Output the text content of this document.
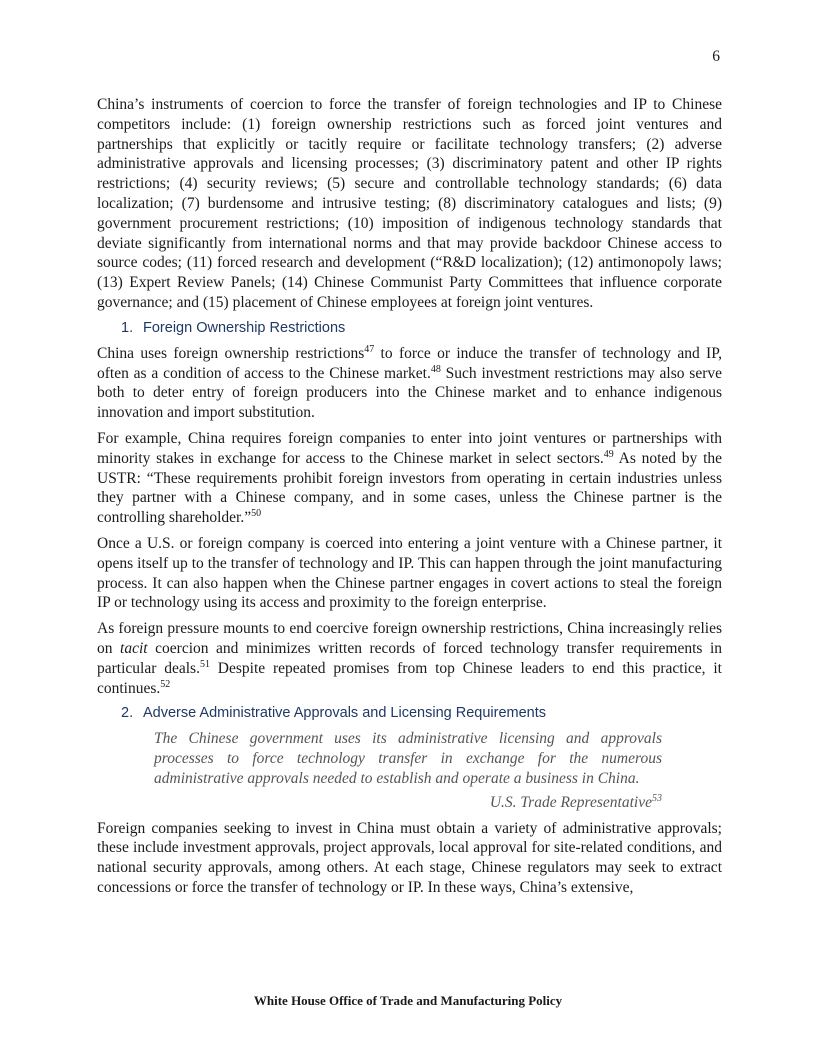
6

China’s instruments of coercion to force the transfer of foreign technologies and IP to Chinese competitors include: (1) foreign ownership restrictions such as forced joint ventures and partnerships that explicitly or tacitly require or facilitate technology transfers; (2) adverse administrative approvals and licensing processes; (3) discriminatory patent and other IP rights restrictions; (4) security reviews; (5) secure and controllable technology standards; (6) data localization; (7) burdensome and intrusive testing; (8) discriminatory catalogues and lists; (9) government procurement restrictions; (10) imposition of indigenous technology standards that deviate significantly from international norms and that may provide backdoor Chinese access to source codes; (11) forced research and development (“R&D localization); (12) antimonopoly laws; (13) Expert Review Panels; (14) Chinese Communist Party Committees that influence corporate governance; and (15) placement of Chinese employees at foreign joint ventures.

1. Foreign Ownership Restrictions

China uses foreign ownership restrictions$^{47}$ to force or induce the transfer of technology and IP, often as a condition of access to the Chinese market.$^{48}$ Such investment restrictions may also serve both to deter entry of foreign producers into the Chinese market and to enhance indigenous innovation and import substitution.

For example, China requires foreign companies to enter into joint ventures or partnerships with minority stakes in exchange for access to the Chinese market in select sectors.$^{49}$ As noted by the USTR: “These requirements prohibit foreign investors from operating in certain industries unless they partner with a Chinese company, and in some cases, unless the Chinese partner is the controlling shareholder.”$^{50}$

Once a U.S. or foreign company is coerced into entering a joint venture with a Chinese partner, it opens itself up to the transfer of technology and IP. This can happen through the joint manufacturing process. It can also happen when the Chinese partner engages in covert actions to steal the foreign IP or technology using its access and proximity to the foreign enterprise.

As foreign pressure mounts to end coercive foreign ownership restrictions, China increasingly relies on tacit coercion and minimizes written records of forced technology transfer requirements in particular deals.$^{51}$ Despite repeated promises from top Chinese leaders to end this practice, it continues.$^{52}$

2. Adverse Administrative Approvals and Licensing Requirements
The Chinese government uses its administrative licensing and approvals processes to force technology transfer in exchange for the numerous administrative approvals needed to establish and operate a business in China.
U.S. Trade Representative$^{53}$

Foreign companies seeking to invest in China must obtain a variety of administrative approvals; these include investment approvals, project approvals, local approval for site-related conditions, and national security approvals, among others. At each stage, Chinese regulators may seek to extract concessions or force the transfer of technology or IP. In these ways, China’s extensive,

White House Office of Trade and Manufacturing Policy
